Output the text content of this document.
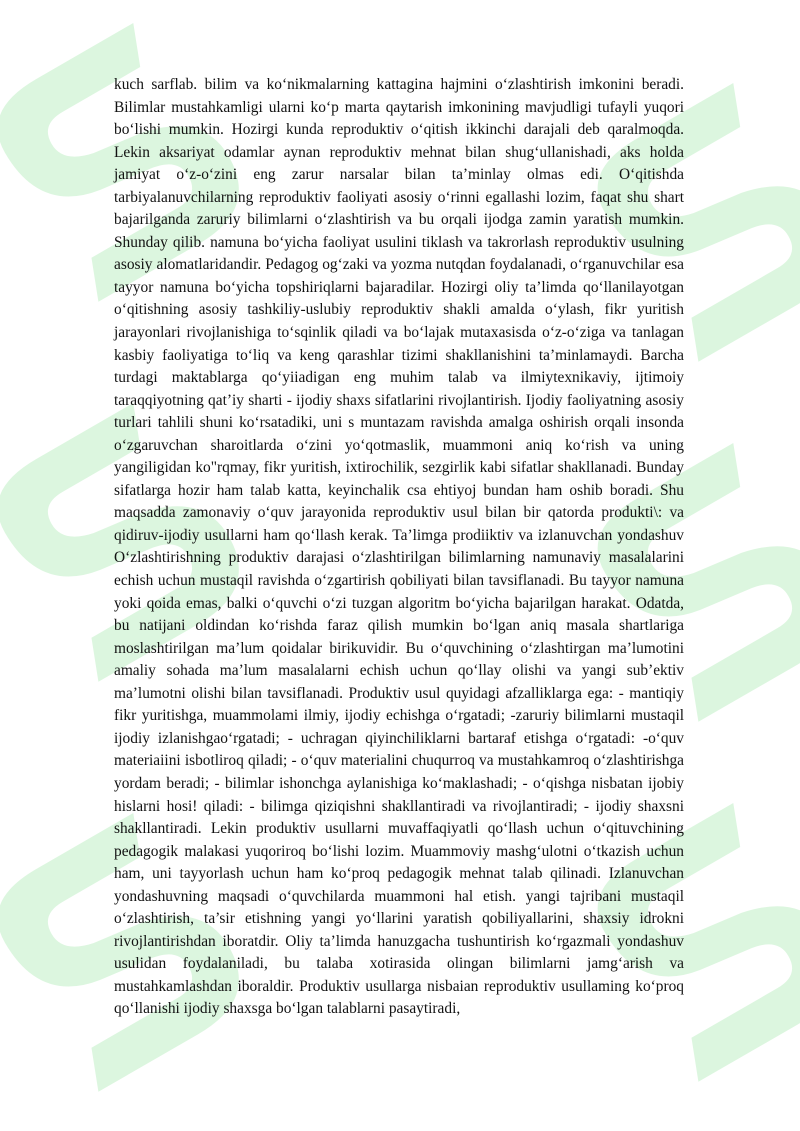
kuch sarflab. bilim va ko‘nikmalarning kattagina hajmini o‘zlashtirish imkonini beradi. Bilimlar mustahkamligi ularni ko‘p marta qaytarish imkonining mavjudligi tufayli yuqori bo‘lishi mumkin. Hozirgi kunda reproduktiv o‘qitish ikkinchi darajali deb qaralmoqda. Lekin aksariyat odamlar aynan reproduktiv mehnat bilan shug‘ullanishadi, aks holda jamiyat o‘z-o‘zini eng zarur narsalar bilan ta’minlay olmas edi. O‘qitishda tarbiyalanuvchilarning reproduktiv faoliyati asosiy o‘rinni egallashi lozim, faqat shu shart bajarilganda zaruriy bilimlarni o‘zlashtirish va bu orqali ijodga zamin yaratish mumkin. Shunday qilib. namuna bo‘yicha faoliyat usulini tiklash va takrorlash reproduktiv usulning asosiy alomatlaridandir. Pedagog og‘zaki va yozma nutqdan foydalanadi, o‘rganuvchilar esa tayyor namuna bo‘yicha topshiriqlarni bajaradilar. Hozirgi oliy ta’limda qo‘llanilayotgan o‘qitishning asosiy tashkiliy-uslubiy reproduktiv shakli amalda o‘ylash, fikr yuritish jarayonlari rivojlanishiga to‘sqinlik qiladi va bo‘lajak mutaxasisda o‘z-o‘ziga va tanlagan kasbiy faoliyatiga to‘liq va keng qarashlar tizimi shakllanishini ta’minlamaydi. Barcha turdagi maktablarga qo‘yiiadigan eng muhim talab va ilmiytexnikaviy, ijtimoiy taraqqiyotning qat’iy sharti - ijodiy shaxs sifatlarini rivojlantirish. Ijodiy faoliyatning asosiy turlari tahlili shuni ko‘rsatadiki, uni s muntazam ravishda amalga oshirish orqali insonda o‘zgaruvchan sharoitlarda o‘zini yo‘qotmaslik, muammoni aniq ko‘rish va uning yangiligidan ko"rqmay, fikr yuritish, ixtirochilik, sezgirlik kabi sifatlar shakllanadi. Bunday sifatlarga hozir ham talab katta, keyinchalik csa ehtiyoj bundan ham oshib boradi. Shu maqsadda zamonaviy o‘quv jarayonida reproduktiv usul bilan bir qatorda produkti\: va qidiruv-ijodiy usullarni ham qo‘llash kerak. Ta’limga prodiiktiv va izlanuvchan yondashuv O‘zlashtirishning produktiv darajasi o‘zlashtirilgan bilimlarning namunaviy masalalarini echish uchun mustaqil ravishda o‘zgartirish qobiliyati bilan tavsiflanadi. Bu tayyor namuna yoki qoida emas, balki o‘quvchi o‘zi tuzgan algoritm bo‘yicha bajarilgan harakat. Odatda, bu natijani oldindan ko‘rishda faraz qilish mumkin bo‘lgan aniq masala shartlariga moslashtirilgan ma’lum qoidalar birikuvidir. Bu o‘quvchining o‘zlashtirgan ma’lumotini amaliy sohada ma’lum masalalarni echish uchun qo‘llay olishi va yangi sub’ektiv ma’lumotni olishi bilan tavsiflanadi. Produktiv usul quyidagi afzalliklarga ega: - mantiqiy fikr yuritishga, muammolami ilmiy, ijodiy echishga o‘rgatadi; -zaruriy bilimlarni mustaqil ijodiy izlanishgao‘rgatadi; - uchragan qiyinchiliklarni bartaraf etishga o‘rgatadi: -o‘quv materiaiini isbotliroq qiladi; - o‘quv materialini chuqurroq va mustahkamroq o‘zlashtirishga yordam beradi; - bilimlar ishonchga aylanishiga ko‘maklashadi; - o‘qishga nisbatan ijobiy hislarni hosi! qiladi: - bilimga qiziqishni shakllantiradi va rivojlantiradi; - ijodiy shaxsni shakllantiradi. Lekin produktiv usullarni muvaffaqiyatli qo‘llash uchun o‘qituvchining pedagogik malakasi yuqoriroq bo‘lishi lozim. Muammoviy mashg‘ulotni o‘tkazish uchun ham, uni tayyorlash uchun ham ko‘proq pedagogik mehnat talab qilinadi. Izlanuvchan yondashuvning maqsadi o‘quvchilarda muammoni hal etish. yangi tajribani mustaqil o‘zlashtirish, ta’sir etishning yangi yo‘llarini yaratish qobiliyallarini, shaxsiy idrokni rivojlantirishdan iboratdir. Oliy ta’limda hanuzgacha tushuntirish ko‘rgazmali yondashuv usulidan foydalaniladi, bu talaba xotirasida olingan bilimlarni jamg‘arish va mustahkamlashdan iboraldir. Produktiv usullarga nisbaian reproduktiv usullaming ko‘proq qo‘llanishi ijodiy shaxsga bo‘lgan talablarni pasaytiradi,
